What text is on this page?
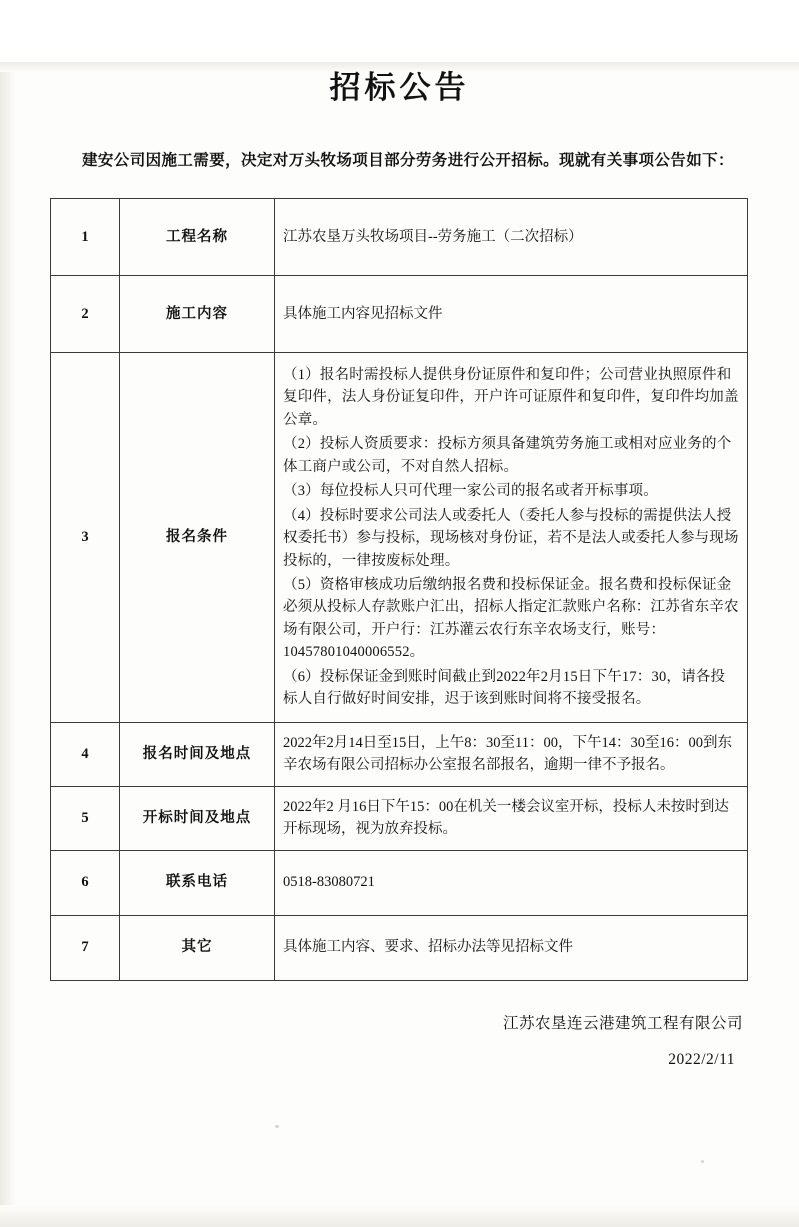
招标公告
建安公司因施工需要，决定对万头牧场项目部分劳务进行公开招标。现就有关事项公告如下：
1	工程名称	江苏农垦万头牧场项目--劳务施工（二次招标）
2	施工内容	具体施工内容见招标文件
3	报名条件	

（1）报名时需投标人提供身份证原件和复印件；公司营业执照原件和复印件，法人身份证复印件，开户许可证原件和复印件，复印件均加盖公章。

（2）投标人资质要求：投标方须具备建筑劳务施工或相对应业务的个体工商户或公司，不对自然人招标。

（3）每位投标人只可代理一家公司的报名或者开标事项。

（4）投标时要求公司法人或委托人（委托人参与投标的需提供法人授权委托书）参与投标，现场核对身份证，若不是法人或委托人参与现场投标的，一律按废标处理。

（5）资格审核成功后缴纳报名费和投标保证金。报名费和投标保证金必须从投标人存款账户汇出，招标人指定汇款账户名称：江苏省东辛农场有限公司，开户行：江苏灌云农行东辛农场支行，账号：10457801040006552。

（6）投标保证金到账时间截止到2022年2月15日下午17：30，请各投标人自行做好时间安排，迟于该到账时间将不接受报名。

4	报名时间及地点	2022年2月14日至15日，上午8：30至11：00，下午14：30至16：00到东辛农场有限公司招标办公室报名部报名，逾期一律不予报名。
5	开标时间及地点	2022年2 月16日下午15：00在机关一楼会议室开标，投标人未按时到达开标现场，视为放弃投标。
6	联系电话	0518-83080721
7	其它	具体施工内容、要求、招标办法等见招标文件
江苏农垦连云港建筑工程有限公司
2022/2/11
